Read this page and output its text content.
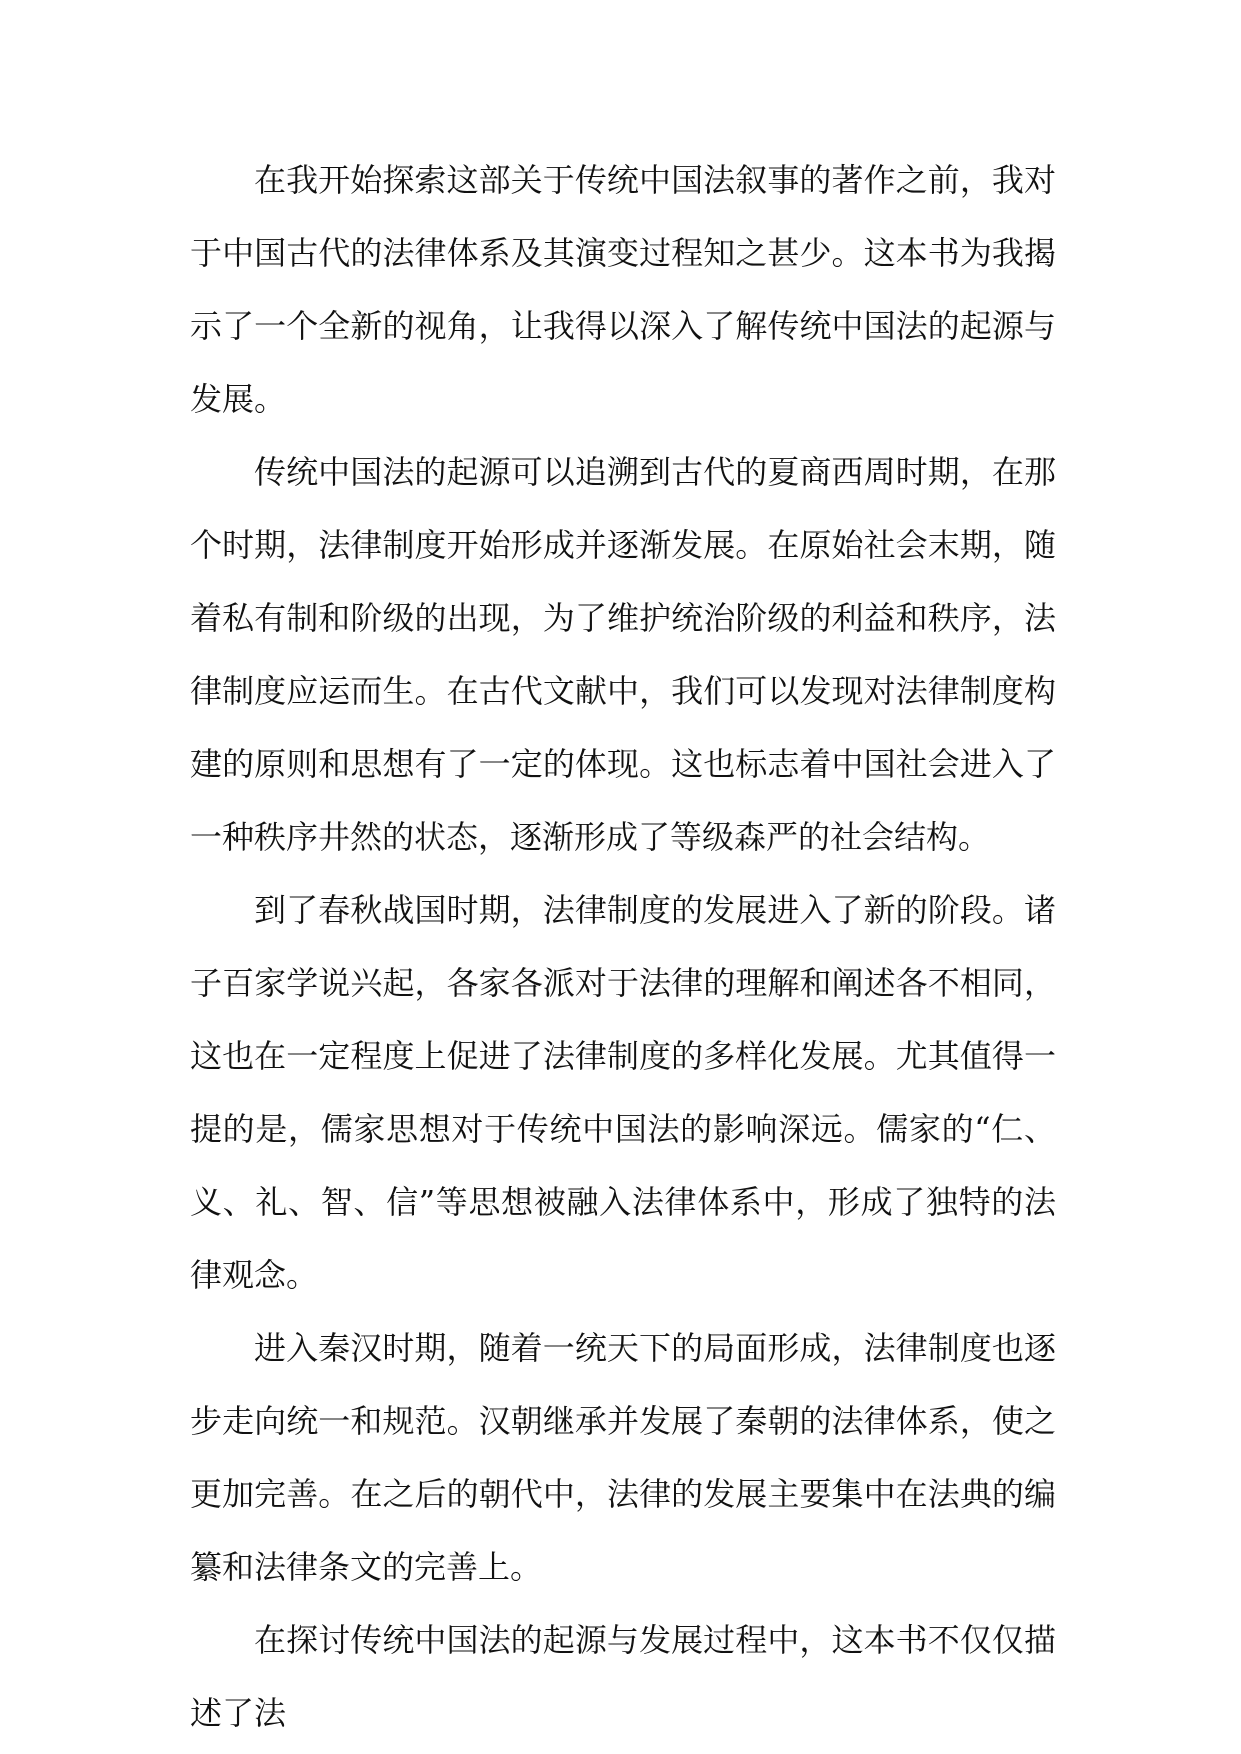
在我开始探索这部关于传统中国法叙事的著作之前，我对于中国古代的法律体系及其演变过程知之甚少。这本书为我揭示了一个全新的视角，让我得以深入了解传统中国法的起源与发展。

传统中国法的起源可以追溯到古代的夏商西周时期，在那个时期，法律制度开始形成并逐渐发展。在原始社会末期，随着私有制和阶级的出现，为了维护统治阶级的利益和秩序，法律制度应运而生。在古代文献中，我们可以发现对法律制度构建的原则和思想有了一定的体现。这也标志着中国社会进入了一种秩序井然的状态，逐渐形成了等级森严的社会结构。

到了春秋战国时期，法律制度的发展进入了新的阶段。诸子百家学说兴起，各家各派对于法律的理解和阐述各不相同，这也在一定程度上促进了法律制度的多样化发展。尤其值得一提的是，儒家思想对于传统中国法的影响深远。儒家的“仁、义、礼、智、信”等思想被融入法律体系中，形成了独特的法律观念。

进入秦汉时期，随着一统天下的局面形成，法律制度也逐步走向统一和规范。汉朝继承并发展了秦朝的法律体系，使之更加完善。在之后的朝代中，法律的发展主要集中在法典的编纂和法律条文的完善上。

在探讨传统中国法的起源与发展过程中，这本书不仅仅描述了法
